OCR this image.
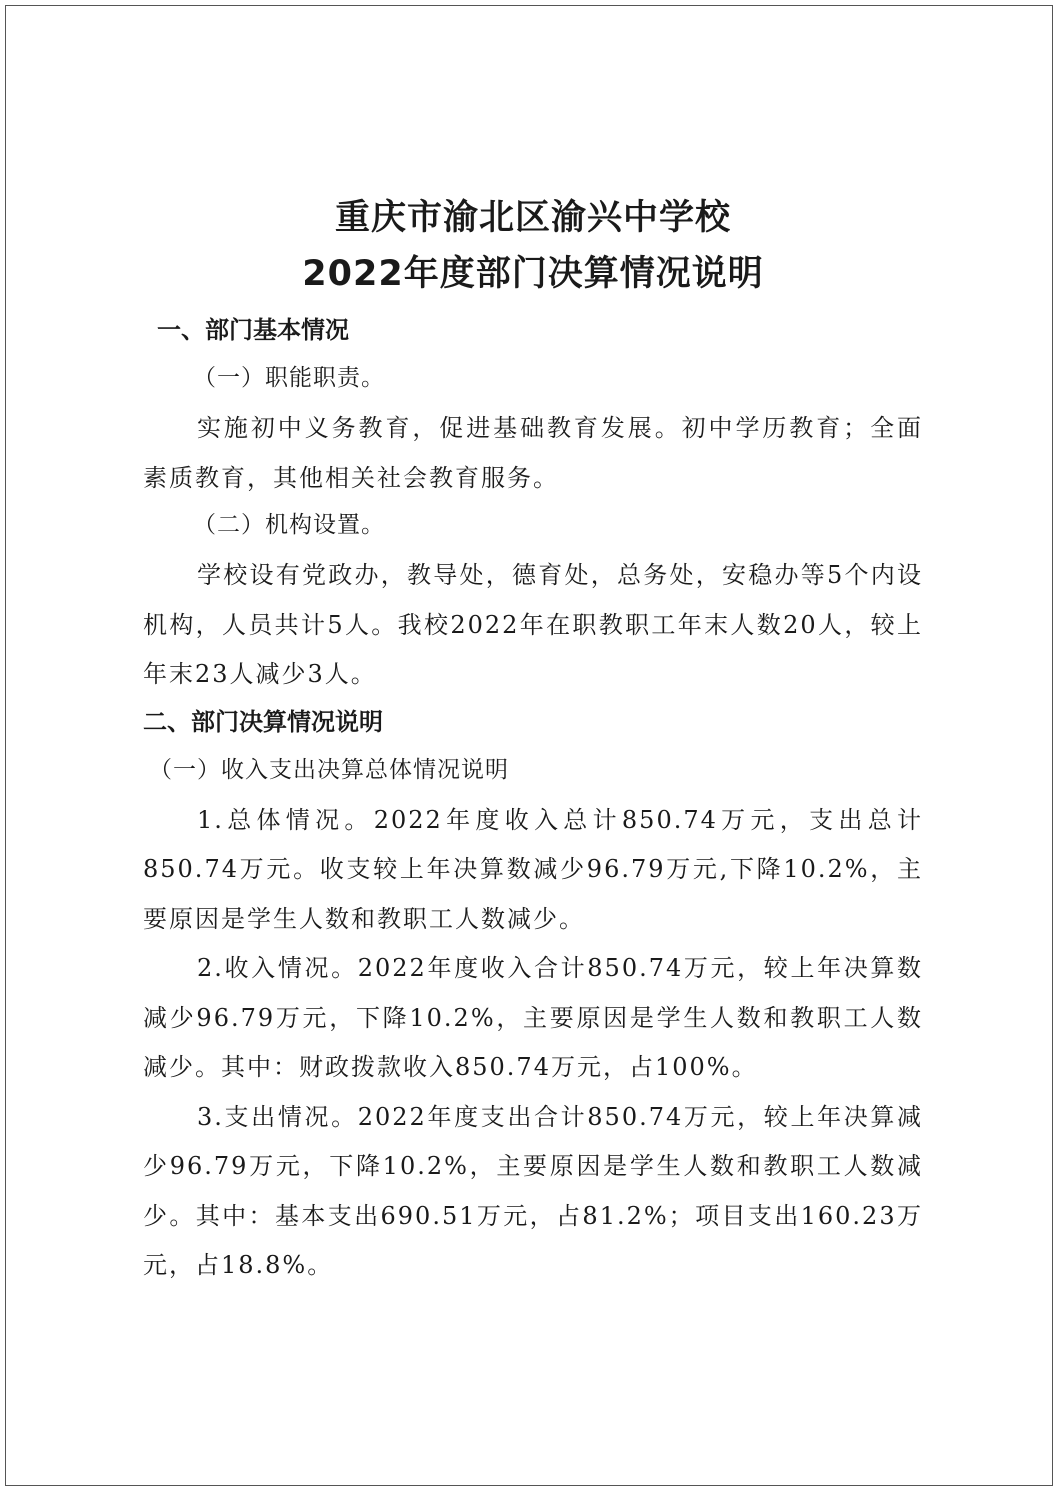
重庆市渝北区渝兴中学校
2022年度部门决算情况说明
一、部门基本情况
（一）职能职责。

实施初中义务教育，促进基础教育发展。初中学历教育；全面素质教育，其他相关社会教育服务。

（二）机构设置。

学校设有党政办，教导处，德育处，总务处，安稳办等5个内设机构，人员共计5人。我校2022年在职教职工年末人数20人，较上年末23人减少3人。

二、部门决算情况说明
（一）收入支出决算总体情况说明

1.总体情况。2022年度收入总计850.74万元，支出总计850.74万元。收支较上年决算数减少96.79万元,下降10.2%，主要原因是学生人数和教职工人数减少。

2.收入情况。2022年度收入合计850.74万元，较上年决算数减少96.79万元，下降10.2%，主要原因是学生人数和教职工人数减少。其中：财政拨款收入850.74万元，占100%。

3.支出情况。2022年度支出合计850.74万元，较上年决算减少96.79万元，下降10.2%，主要原因是学生人数和教职工人数减少。其中：基本支出690.51万元，占81.2%；项目支出160.23万元，占18.8%。
